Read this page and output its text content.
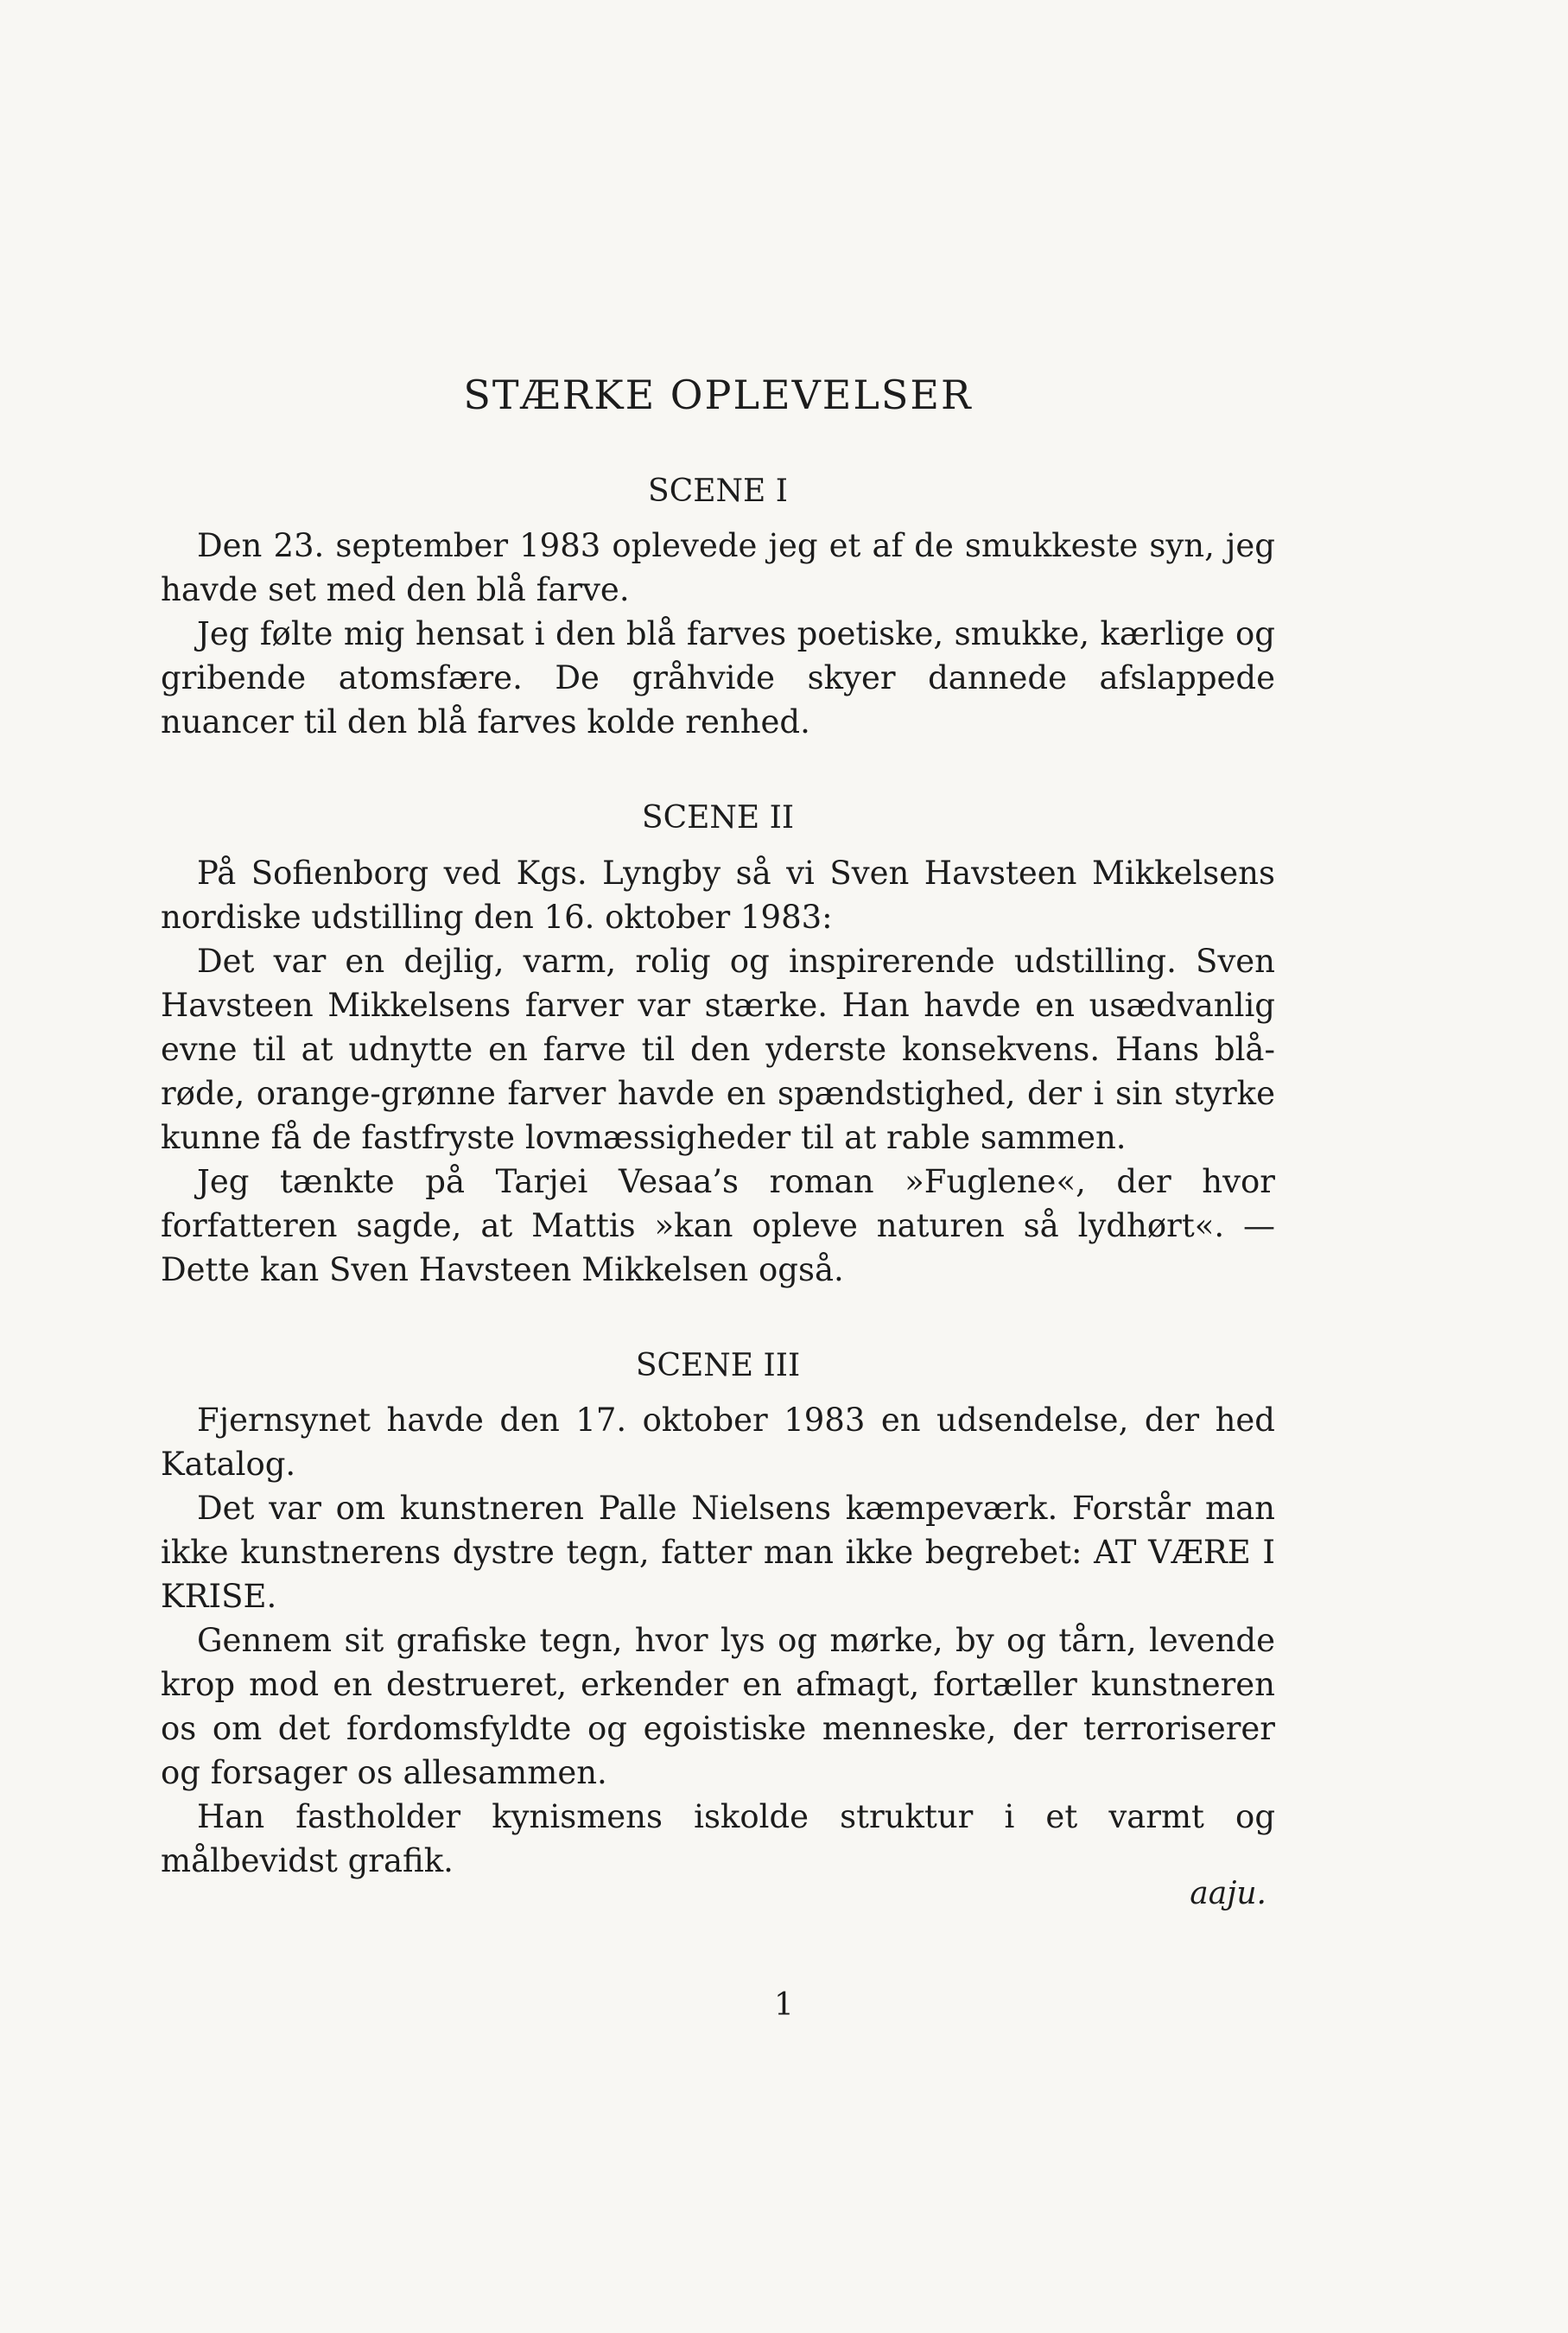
STÆRKE OPLEVELSER
SCENE I

Den 23. september 1983 oplevede jeg et af de smukkeste syn, jeg havde set med den blå farve.

Jeg følte mig hensat i den blå farves poetiske, smukke, kærlige og gribende atomsfære. De gråhvide skyer dannede afslappede nuancer til den blå farves kolde renhed.

SCENE II

På Sofienborg ved Kgs. Lyngby så vi Sven Havsteen Mikkelsens nordiske udstilling den 16. oktober 1983:

Det var en dejlig, varm, rolig og inspirerende udstilling. Sven Havsteen Mikkelsens farver var stærke. Han havde en usædvanlig evne til at udnytte en farve til den yderste konsekvens. Hans blå-røde, orange-grønne farver havde en spændstighed, der i sin styrke kunne få de fastfryste lovmæssigheder til at rable sammen.

Jeg tænkte på Tarjei Vesaa’s roman »Fuglene«, der hvor forfatteren sagde, at Mattis »kan opleve naturen så lydhørt«. — Dette kan Sven Havsteen Mikkelsen også.

SCENE III

Fjernsynet havde den 17. oktober 1983 en udsendelse, der hed Katalog.

Det var om kunstneren Palle Nielsens kæmpeværk. Forstår man ikke kunstnerens dystre tegn, fatter man ikke begrebet: AT VÆRE I KRISE.

Gennem sit grafiske tegn, hvor lys og mørke, by og tårn, levende krop mod en destrueret, erkender en afmagt, fortæller kunstneren os om det fordomsfyldte og egoistiske menneske, der terroriserer og forsager os allesammen.

Han fastholder kynismens iskolde struktur i et varmt og målbevidst grafik.

aaju.
1
